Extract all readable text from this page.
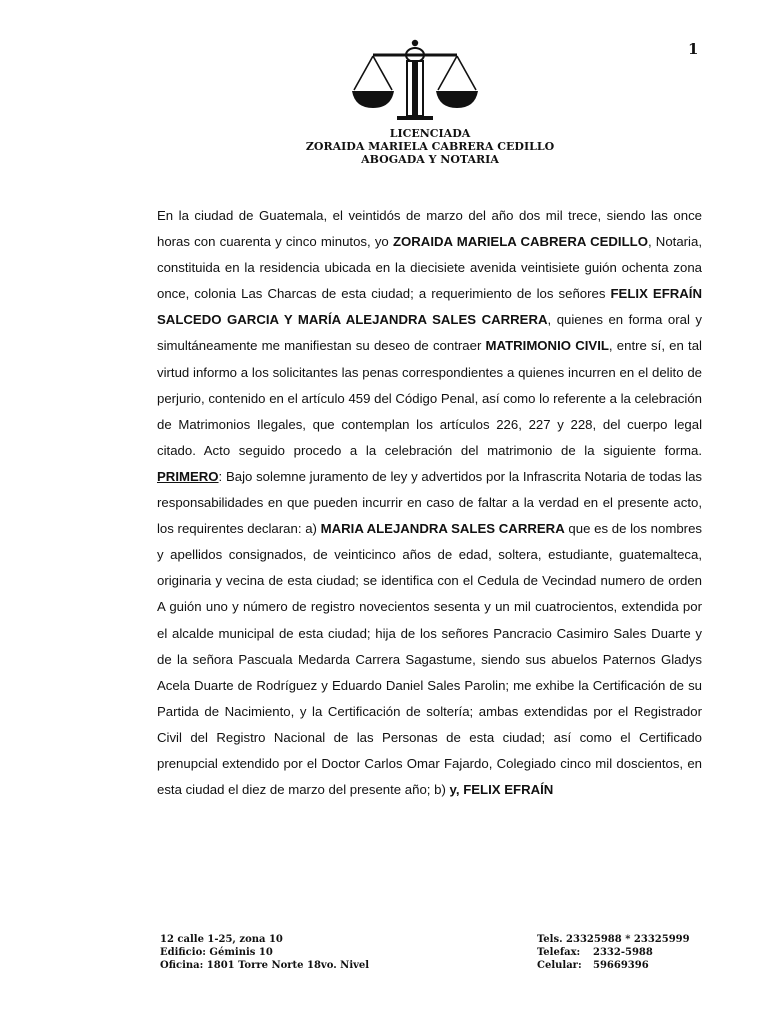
1
LICENCIADA
ZORAIDA MARIELA CABRERA CEDILLO
ABOGADA Y NOTARIA

En la ciudad de Guatemala, el veintidós de marzo del año dos mil trece, siendo las once horas con cuarenta y cinco minutos, yo ZORAIDA MARIELA CABRERA CEDILLO, Notaria, constituida en la residencia ubicada en la diecisiete avenida veintisiete guión ochenta zona once, colonia Las Charcas de esta ciudad; a requerimiento de los señores FELIX EFRAÍN SALCEDO GARCIA Y MARÍA ALEJANDRA SALES CARRERA, quienes en forma oral y simultáneamente me manifiestan su deseo de contraer MATRIMONIO CIVIL, entre sí, en tal virtud informo a los solicitantes las penas correspondientes a quienes incurren en el delito de perjurio, contenido en el artículo 459 del Código Penal, así como lo referente a la celebración de Matrimonios Ilegales, que contemplan los artículos 226, 227 y 228, del cuerpo legal citado. Acto seguido procedo a la celebración del matrimonio de la siguiente forma. PRIMERO: Bajo solemne juramento de ley y advertidos por la Infrascrita Notaria de todas las responsabilidades en que pueden incurrir en caso de faltar a la verdad en el presente acto, los requirentes declaran: a) MARIA ALEJANDRA SALES CARRERA que es de los nombres y apellidos consignados, de veinticinco años de edad, soltera, estudiante, guatemalteca, originaria y vecina de esta ciudad; se identifica con el Cedula de Vecindad numero de orden A guión uno y número de registro novecientos sesenta y un mil cuatrocientos, extendida por el alcalde municipal de esta ciudad; hija de los señores Pancracio Casimiro Sales Duarte y de la señora Pascuala Medarda Carrera Sagastume, siendo sus abuelos Paternos Gladys Acela Duarte de Rodríguez y Eduardo Daniel Sales Parolin; me exhibe la Certificación de su Partida de Nacimiento, y la Certificación de soltería; ambas extendidas por el Registrador Civil del Registro Nacional de las Personas de esta ciudad; así como el Certificado prenupcial extendido por el Doctor Carlos Omar Fajardo, Colegiado cinco mil doscientos, en esta ciudad el diez de marzo del presente año; b) y, FELIX EFRAÍN

12 calle 1-25, zona 10
Edificio: Géminis 10
Oficina: 1801 Torre Norte 18vo. Nivel
Tels. 23325988 * 23325999
Telefax: 2332-5988
Celular: 59669396
